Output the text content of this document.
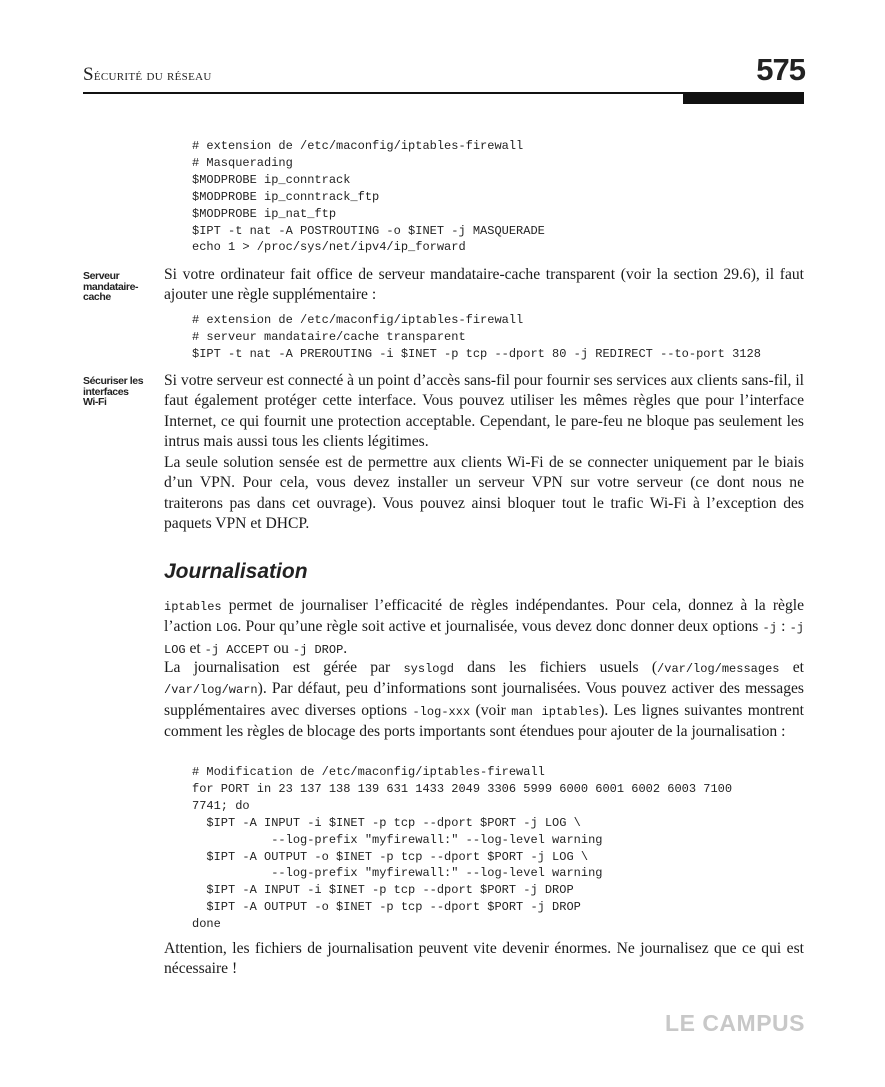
Sécurité du réseau	575
# extension de /etc/maconfig/iptables-firewall
# Masquerading
$MODPROBE ip_conntrack
$MODPROBE ip_conntrack_ftp
$MODPROBE ip_nat_ftp
$IPT -t nat -A POSTROUTING -o $INET -j MASQUERADE
echo 1 > /proc/sys/net/ipv4/ip_forward
Serveur
mandataire-
cache

Si votre ordinateur fait office de serveur mandataire-cache transparent (voir la section 29.6), il faut ajouter une règle supplémentaire :

# extension de /etc/maconfig/iptables-firewall
# serveur mandataire/cache transparent
$IPT -t nat -A PREROUTING -i $INET -p tcp --dport 80 -j REDIRECT --to-port 3128
Sécuriser les
interfaces
Wi-Fi

Si votre serveur est connecté à un point d’accès sans-fil pour fournir ses services aux clients sans-fil, il faut également protéger cette interface. Vous pouvez utiliser les mêmes règles que pour l’interface Internet, ce qui fournit une protection acceptable. Cependant, le pare-feu ne bloque pas seulement les intrus mais aussi tous les clients légitimes.

La seule solution sensée est de permettre aux clients Wi-Fi de se connecter uniquement par le biais d’un VPN. Pour cela, vous devez installer un serveur VPN sur votre serveur (ce dont nous ne traiterons pas dans cet ouvrage). Vous pouvez ainsi bloquer tout le trafic Wi-Fi à l’exception des paquets VPN et DHCP.

Journalisation

iptables permet de journaliser l’efficacité de règles indépendantes. Pour cela, donnez à la règle l’action LOG. Pour qu’une règle soit active et journalisée, vous devez donc donner deux options -j : -j LOG et -j ACCEPT ou -j DROP.

La journalisation est gérée par syslogd dans les fichiers usuels (/var/log/messages et /var/log/warn). Par défaut, peu d’informations sont journalisées. Vous pouvez activer des messages supplémentaires avec diverses options -log-xxx (voir man iptables). Les lignes suivantes montrent comment les règles de blocage des ports importants sont étendues pour ajouter de la journalisation :

# Modification de /etc/maconfig/iptables-firewall
for PORT in 23 137 138 139 631 1433 2049 3306 5999 6000 6001 6002 6003 7100
7741; do
$IPT -A INPUT -i $INET -p tcp --dport $PORT -j LOG \
--log-prefix "myfirewall:" --log-level warning
$IPT -A OUTPUT -o $INET -p tcp --dport $PORT -j LOG \
--log-prefix "myfirewall:" --log-level warning
$IPT -A INPUT -i $INET -p tcp --dport $PORT -j DROP
$IPT -A OUTPUT -o $INET -p tcp --dport $PORT -j DROP
done

Attention, les fichiers de journalisation peuvent vite devenir énormes. Ne journalisez que ce qui est nécessaire !

LE CAMPUS
